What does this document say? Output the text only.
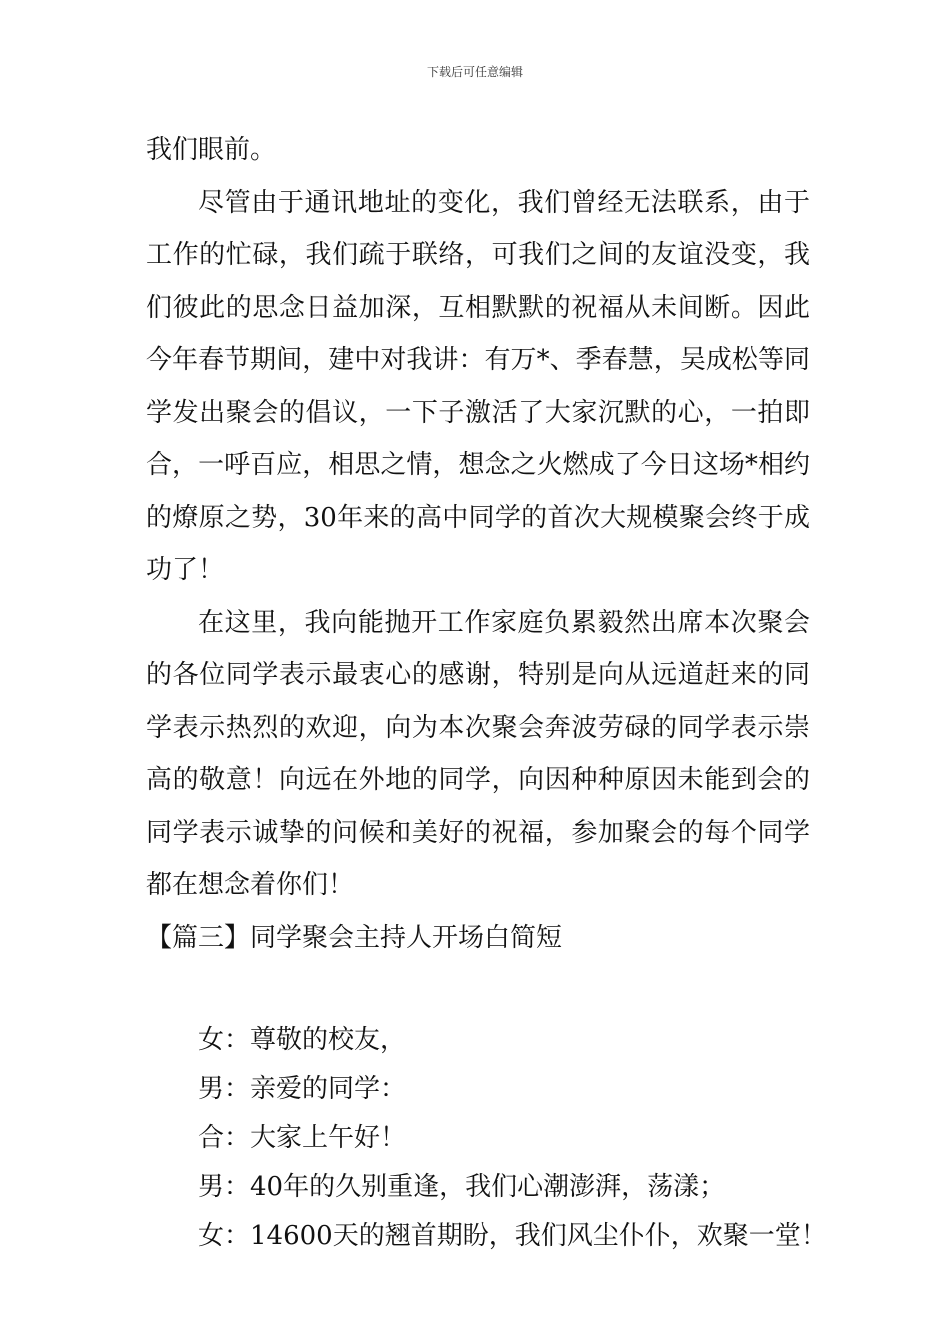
下载后可任意编辑

我们眼前。

尽管由于通讯地址的变化，我们曾经无法联系，由于工作的忙碌，我们疏于联络，可我们之间的友谊没变，我们彼此的思念日益加深，互相默默的祝福从未间断。因此今年春节期间，建中对我讲：有万*、季春慧，吴成松等同学发出聚会的倡议，一下子激活了大家沉默的心，一拍即合，一呼百应，相思之情，想念之火燃成了今日这场*相约的燎原之势，30年来的高中同学的首次大规模聚会终于成功了！

在这里，我向能抛开工作家庭负累毅然出席本次聚会的各位同学表示最衷心的感谢，特别是向从远道赶来的同学表示热烈的欢迎，向为本次聚会奔波劳碌的同学表示崇高的敬意！向远在外地的同学，向因种种原因未能到会的同学表示诚挚的问候和美好的祝福，参加聚会的每个同学都在想念着你们！

【篇三】同学聚会主持人开场白简短

女：尊敬的校友，

男：亲爱的同学：

合：大家上午好！

男：40年的久别重逢，我们心潮澎湃，荡漾；

女：14600天的翘首期盼，我们风尘仆仆，欢聚一堂！
